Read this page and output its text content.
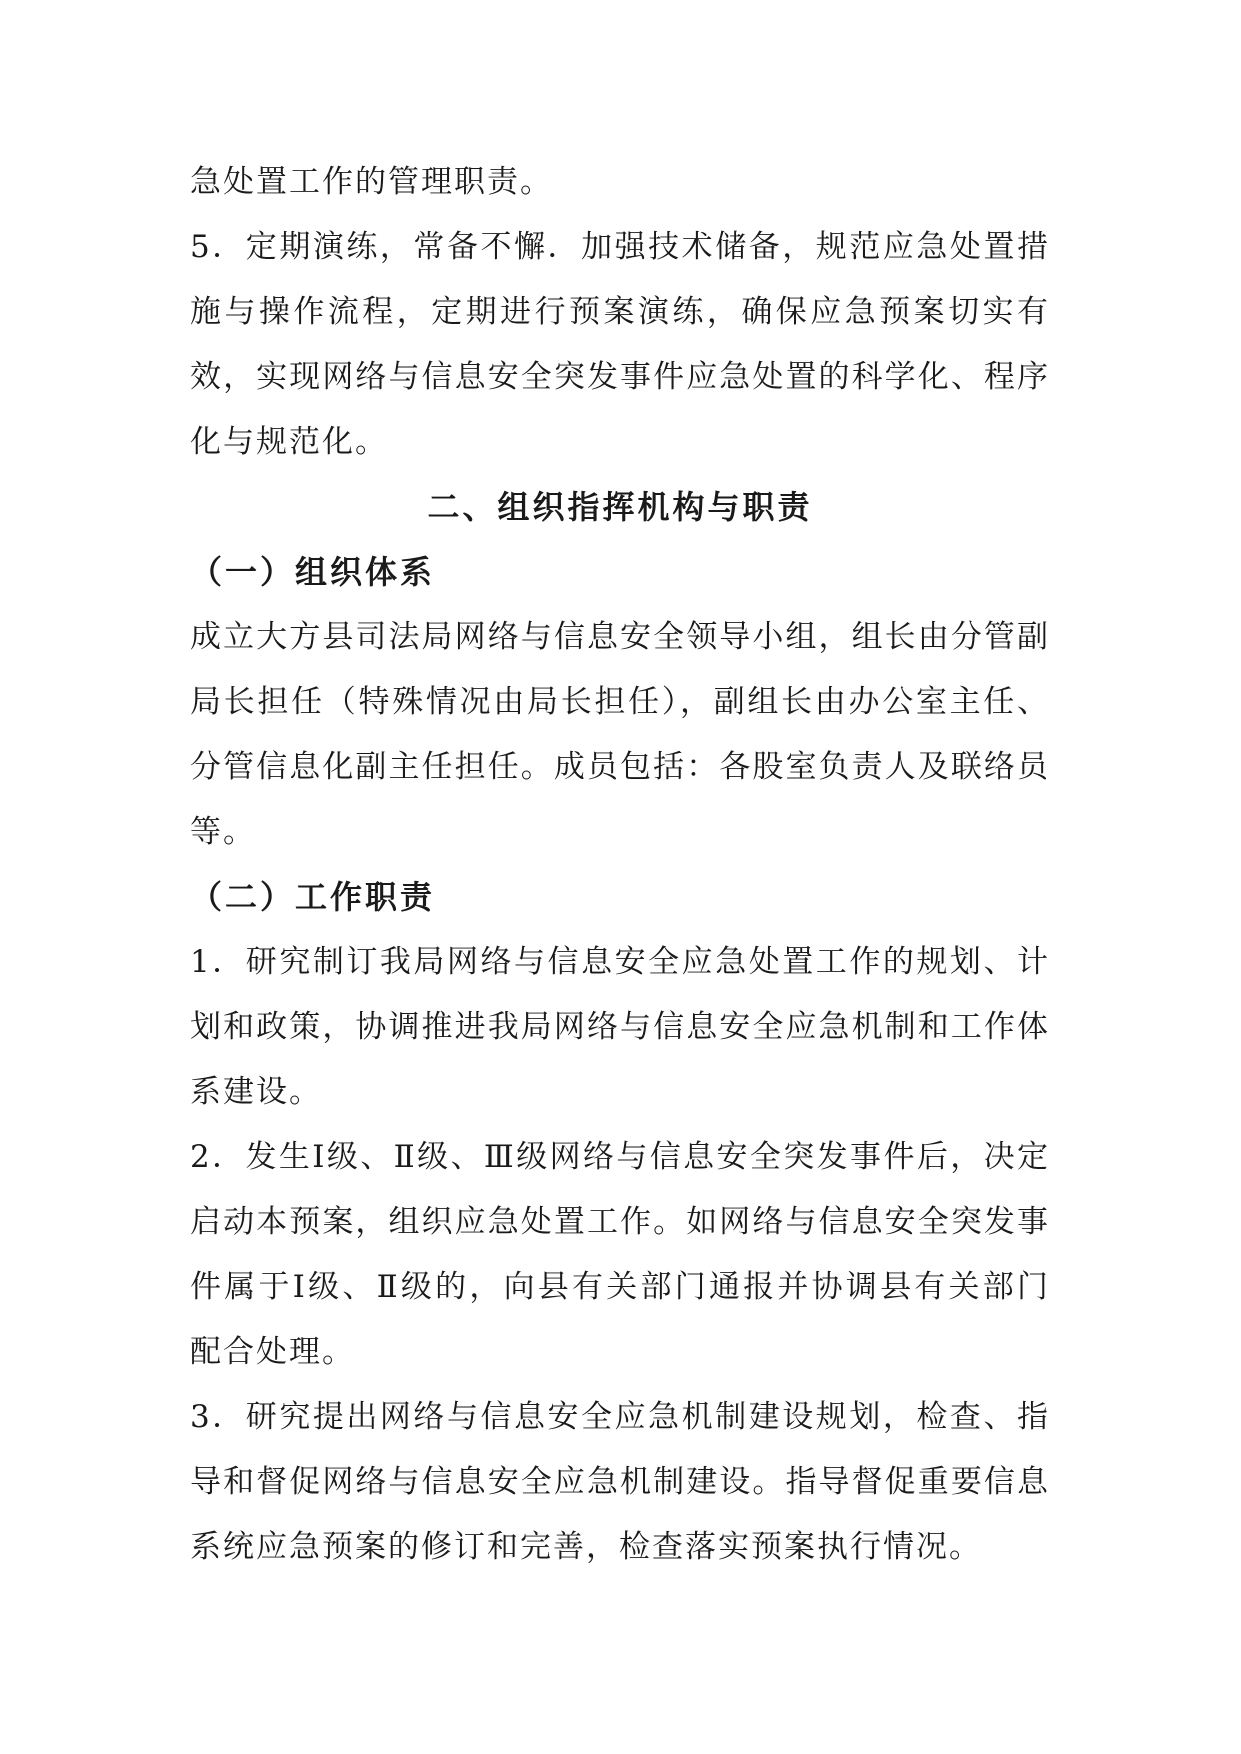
急处置工作的管理职责。

5．定期演练，常备不懈．加强技术储备，规范应急处置措施与操作流程，定期进行预案演练，确保应急预案切实有效，实现网络与信息安全突发事件应急处置的科学化、程序化与规范化。

二、组织指挥机构与职责

（一）组织体系

成立大方县司法局网络与信息安全领导小组，组长由分管副局长担任（特殊情况由局长担任），副组长由办公室主任、分管信息化副主任担任。成员包括：各股室负责人及联络员等。

（二）工作职责

1．研究制订我局网络与信息安全应急处置工作的规划、计划和政策，协调推进我局网络与信息安全应急机制和工作体系建设。

2．发生Ⅰ级、Ⅱ级、Ⅲ级网络与信息安全突发事件后，决定启动本预案，组织应急处置工作。如网络与信息安全突发事件属于Ⅰ级、Ⅱ级的，向县有关部门通报并协调县有关部门配合处理。

3．研究提出网络与信息安全应急机制建设规划，检查、指导和督促网络与信息安全应急机制建设。指导督促重要信息系统应急预案的修订和完善，检查落实预案执行情况。
